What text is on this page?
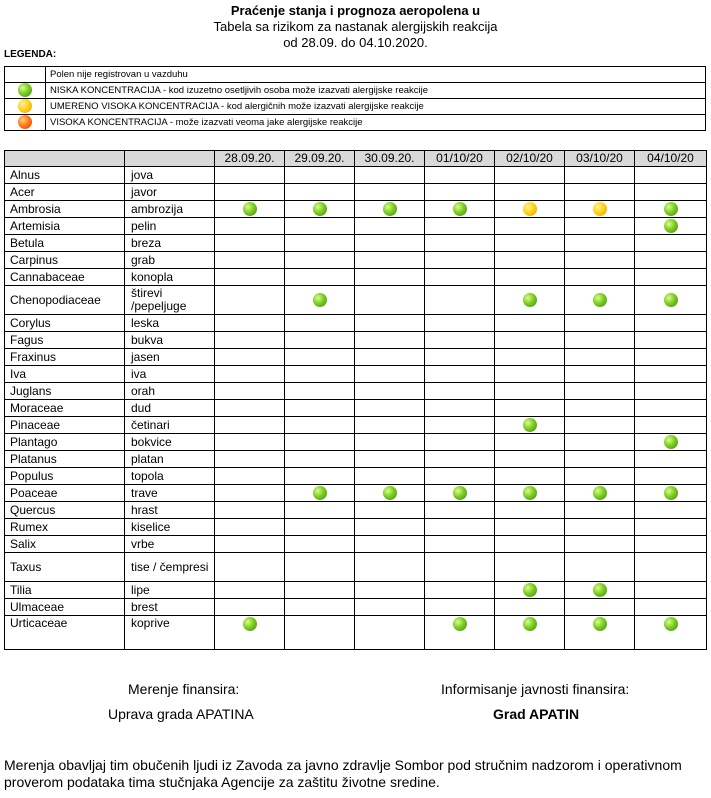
Praćenje stanja i prognoza aeropolena u
Tabela sa rizikom za nastanak alergijskih reakcija
od 28.09. do 04.10.2020.
LEGENDA:
	Polen nije registrovan u vazduhu
	NISKA KONCENTRACIJA - kod izuzetno osetljivih osoba može izazvati alergijske reakcije
	UMERENO VISOKA KONCENTRACIJA - kod alergičnih može izazvati alergijske reakcije
	VISOKA KONCENTRACIJA - može izazvati veoma jake alergijske reakcije
		28.09.20.	29.09.20.	30.09.20.	01/10/20	02/10/20	03/10/20	04/10/20
Alnus	jova							
Acer	javor							
Ambrosia	ambrozija							
Artemisia	pelin							
Betula	breza							
Carpinus	grab							
Cannabaceae	konopla							
Chenopodiaceae	štirevi /pepeljuge							
Corylus	leska							
Fagus	bukva							
Fraxinus	jasen							
Iva	iva							
Juglans	orah							
Moraceae	dud							
Pinaceae	četinari							
Plantago	bokvice							
Platanus	platan							
Populus	topola							
Poaceae	trave							
Quercus	hrast							
Rumex	kiselice							
Salix	vrbe							
Taxus	tise / čempresi							
Tilia	lipe							
Ulmaceae	brest							
Urticaceae	koprive							
Merenje finansira:
Uprava grada APATINA
Informisanje javnosti finansira:
Grad APATIN
Merenja obavljaj tim obučenih ljudi iz Zavoda za javno zdravlje Sombor pod stručnim nadzorom i operativnom proverom podataka tima stučnjaka Agencije za zaštitu životne sredine.
